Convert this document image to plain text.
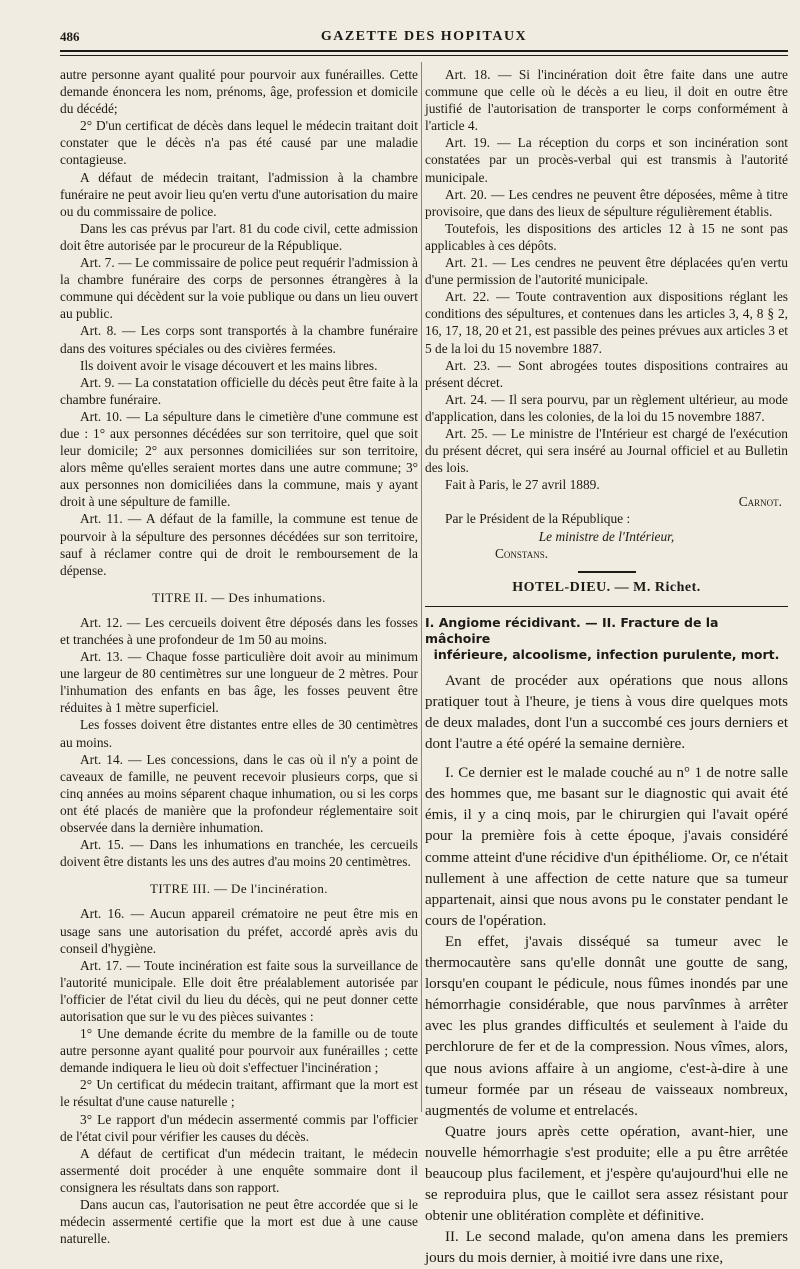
486	GAZETTE DES HOPITAUX

autre personne ayant qualité pour pourvoir aux funérailles. Cette demande énoncera les nom, prénoms, âge, profession et domicile du décédé;

2° D'un certificat de décès dans lequel le médecin traitant doit constater que le décès n'a pas été causé par une maladie contagieuse.

A défaut de médecin traitant, l'admission à la chambre funéraire ne peut avoir lieu qu'en vertu d'une autorisation du maire ou du commissaire de police.

Dans les cas prévus par l'art. 81 du code civil, cette admission doit être autorisée par le procureur de la République.

Art. 7. — Le commissaire de police peut requérir l'admission à la chambre funéraire des corps de personnes étrangères à la commune qui décèdent sur la voie publique ou dans un lieu ouvert au public.

Art. 8. — Les corps sont transportés à la chambre funéraire dans des voitures spéciales ou des civières fermées.

Ils doivent avoir le visage découvert et les mains libres.

Art. 9. — La constatation officielle du décès peut être faite à la chambre funéraire.

Art. 10. — La sépulture dans le cimetière d'une commune est due : 1° aux personnes décédées sur son territoire, quel que soit leur domicile; 2° aux personnes domiciliées sur son territoire, alors même qu'elles seraient mortes dans une autre commune; 3° aux personnes non domiciliées dans la commune, mais y ayant droit à une sépulture de famille.

Art. 11. — A défaut de la famille, la commune est tenue de pourvoir à la sépulture des personnes décédées sur son territoire, sauf à réclamer contre qui de droit le remboursement de la dépense.

TITRE II. — Des inhumations.

Art. 12. — Les cercueils doivent être déposés dans les fosses et tranchées à une profondeur de 1m 50 au moins.

Art. 13. — Chaque fosse particulière doit avoir au minimum une largeur de 80 centimètres sur une longueur de 2 mètres. Pour l'inhumation des enfants en bas âge, les fosses peuvent être réduites à 1 mètre superficiel.

Les fosses doivent être distantes entre elles de 30 centimètres au moins.

Art. 14. — Les concessions, dans le cas où il n'y a point de caveaux de famille, ne peuvent recevoir plusieurs corps, que si cinq années au moins séparent chaque inhumation, ou si les corps ont été placés de manière que la profondeur réglementaire soit observée dans la dernière inhumation.

Art. 15. — Dans les inhumations en tranchée, les cercueils doivent être distants les uns des autres d'au moins 20 centimètres.

TITRE III. — De l'incinération.

Art. 16. — Aucun appareil crématoire ne peut être mis en usage sans une autorisation du préfet, accordé après avis du conseil d'hygiène.

Art. 17. — Toute incinération est faite sous la surveillance de l'autorité municipale. Elle doit être préalablement autorisée par l'officier de l'état civil du lieu du décès, qui ne peut donner cette autorisation que sur le vu des pièces suivantes :

1° Une demande écrite du membre de la famille ou de toute autre personne ayant qualité pour pourvoir aux funérailles ; cette demande indiquera le lieu où doit s'effectuer l'incinération ;

2° Un certificat du médecin traitant, affirmant que la mort est le résultat d'une cause naturelle ;

3° Le rapport d'un médecin assermenté commis par l'officier de l'état civil pour vérifier les causes du décès.

A défaut de certificat d'un médecin traitant, le médecin assermenté doit procéder à une enquête sommaire dont il consignera les résultats dans son rapport.

Dans aucun cas, l'autorisation ne peut être accordée que si le médecin assermenté certifie que la mort est due à une cause naturelle.

Art. 18. — Si l'incinération doit être faite dans une autre commune que celle où le décès a eu lieu, il doit en outre être justifié de l'autorisation de transporter le corps conformément à l'article 4.

Art. 19. — La réception du corps et son incinération sont constatées par un procès-verbal qui est transmis à l'autorité municipale.

Art. 20. — Les cendres ne peuvent être déposées, même à titre provisoire, que dans des lieux de sépulture régulièrement établis.

Toutefois, les dispositions des articles 12 à 15 ne sont pas applicables à ces dépôts.

Art. 21. — Les cendres ne peuvent être déplacées qu'en vertu d'une permission de l'autorité municipale.

Art. 22. — Toute contravention aux dispositions réglant les conditions des sépultures, et contenues dans les articles 3, 4, 8 § 2, 16, 17, 18, 20 et 21, est passible des peines prévues aux articles 3 et 5 de la loi du 15 novembre 1887.

Art. 23. — Sont abrogées toutes dispositions contraires au présent décret.

Art. 24. — Il sera pourvu, par un règlement ultérieur, au mode d'application, dans les colonies, de la loi du 15 novembre 1887.

Art. 25. — Le ministre de l'Intérieur est chargé de l'exécution du présent décret, qui sera inséré au Journal officiel et au Bulletin des lois.

Fait à Paris, le 27 avril 1889.

Carnot.

Par le Président de la République :

Le ministre de l'Intérieur,

Constans.

HOTEL-DIEU. — M. Richet.

I. Angiome récidivant. — II. Fracture de la mâchoire
inférieure, alcoolisme, infection purulente, mort.

Avant de procéder aux opérations que nous allons pratiquer tout à l'heure, je tiens à vous dire quelques mots de deux malades, dont l'un a succombé ces jours derniers et dont l'autre a été opéré la semaine dernière.

I. Ce dernier est le malade couché au n° 1 de notre salle des hommes que, me basant sur le diagnostic qui avait été émis, il y a cinq mois, par le chirurgien qui l'avait opéré pour la première fois à cette époque, j'avais considéré comme atteint d'une récidive d'un épithéliome. Or, ce n'était nullement à une affection de cette nature que sa tumeur appartenait, ainsi que nous avons pu le constater pendant le cours de l'opération.

En effet, j'avais disséqué sa tumeur avec le thermocautère sans qu'elle donnât une goutte de sang, lorsqu'en coupant le pédicule, nous fûmes inondés par une hémorrhagie considérable, que nous parvînmes à arrêter avec les plus grandes difficultés et seulement à l'aide du perchlorure de fer et de la compression. Nous vîmes, alors, que nous avions affaire à un angiome, c'est-à-dire à une tumeur formée par un réseau de vaisseaux nombreux, augmentés de volume et entrelacés.

Quatre jours après cette opération, avant-hier, une nouvelle hémorrhagie s'est produite; elle a pu être arrêtée beaucoup plus facilement, et j'espère qu'aujourd'hui elle ne se reproduira plus, que le caillot sera assez résistant pour obtenir une oblitération complète et définitive.

II. Le second malade, qu'on amena dans les premiers jours du mois dernier, à moitié ivre dans une rixe,
